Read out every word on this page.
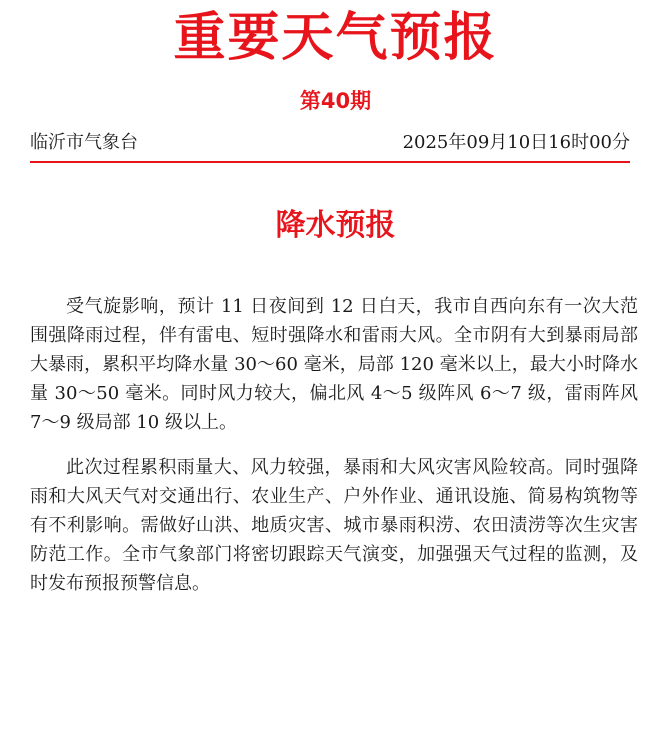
重要天气预报
第40期
临沂市气象台	2025年09月10日16时00分
降水预报

受气旋影响，预计 11 日夜间到 12 日白天，我市自西向东有一次大范围强降雨过程，伴有雷电、短时强降水和雷雨大风。全市阴有大到暴雨局部大暴雨，累积平均降水量 30～60 毫米，局部 120 毫米以上，最大小时降水量 30～50 毫米。同时风力较大，偏北风 4～5 级阵风 6～7 级，雷雨阵风 7～9 级局部 10 级以上。

此次过程累积雨量大、风力较强，暴雨和大风灾害风险较高。同时强降雨和大风天气对交通出行、农业生产、户外作业、通讯设施、简易构筑物等有不利影响。需做好山洪、地质灾害、城市暴雨积涝、农田渍涝等次生灾害防范工作。全市气象部门将密切跟踪天气演变，加强强天气过程的监测，及时发布预报预警信息。
